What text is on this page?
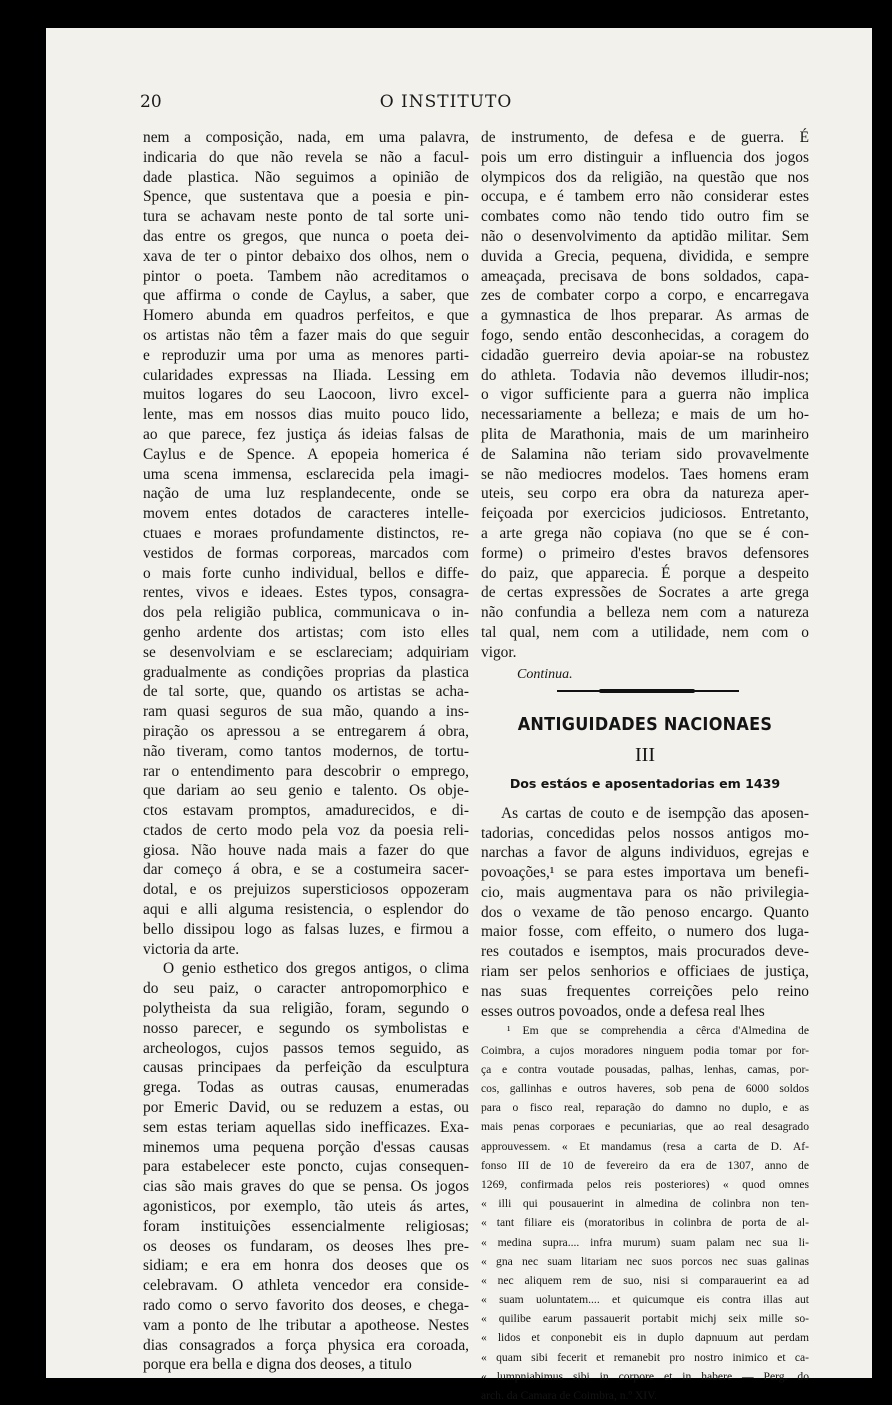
O INSTITUTO
20
nem a composição, nada, em uma palavra,
indicaria do que não revela se não a facul-
dade plastica. Não seguimos a opinião de
Spence, que sustentava que a poesia e pin-
tura se achavam neste ponto de tal sorte uni-
das entre os gregos, que nunca o poeta dei-
xava de ter o pintor debaixo dos olhos, nem o
pintor o poeta. Tambem não acreditamos o
que affirma o conde de Caylus, a saber, que
Homero abunda em quadros perfeitos, e que
os artistas não têm a fazer mais do que seguir
e reproduzir uma por uma as menores parti-
cularidades expressas na Iliada. Lessing em
muitos logares do seu Laocoon, livro excel-
lente, mas em nossos dias muito pouco lido,
ao que parece, fez justiça ás ideias falsas de
Caylus e de Spence. A epopeia homerica é
uma scena immensa, esclarecida pela imagi-
nação de uma luz resplandecente, onde se
movem entes dotados de caracteres intelle-
ctuaes e moraes profundamente distinctos, re-
vestidos de formas corporeas, marcados com
o mais forte cunho individual, bellos e diffe-
rentes, vivos e ideaes. Estes typos, consagra-
dos pela religião publica, communicava o in-
genho ardente dos artistas; com isto elles
se desenvolviam e se esclareciam; adquiriam
gradualmente as condições proprias da plastica
de tal sorte, que, quando os artistas se acha-
ram quasi seguros de sua mão, quando a ins-
piração os apressou a se entregarem á obra,
não tiveram, como tantos modernos, de tortu-
rar o entendimento para descobrir o emprego,
que dariam ao seu genio e talento. Os obje-
ctos estavam promptos, amadurecidos, e di-
ctados de certo modo pela voz da poesia reli-
giosa. Não houve nada mais a fazer do que
dar começo á obra, e se a costumeira sacer-
dotal, e os prejuizos supersticiosos oppozeram
aqui e alli alguma resistencia, o esplendor do
bello dissipou logo as falsas luzes, e firmou a
victoria da arte.
O genio esthetico dos gregos antigos, o clima
do seu paiz, o caracter antropomorphico e
polytheista da sua religião, foram, segundo o
nosso parecer, e segundo os symbolistas e
archeologos, cujos passos temos seguido, as
causas principaes da perfeição da esculptura
grega. Todas as outras causas, enumeradas
por Emeric David, ou se reduzem a estas, ou
sem estas teriam aquellas sido inefficazes. Exa-
minemos uma pequena porção d'essas causas
para estabelecer este poncto, cujas consequen-
cias são mais graves do que se pensa. Os jogos
agonisticos, por exemplo, tão uteis ás artes,
foram instituições essencialmente religiosas;
os deoses os fundaram, os deoses lhes pre-
sidiam; e era em honra dos deoses que os
celebravam. O athleta vencedor era conside-
rado como o servo favorito dos deoses, e chega-
vam a ponto de lhe tributar a apotheose. Nestes
dias consagrados a força physica era coroada,
porque era bella e digna dos deoses, a titulo
de instrumento, de defesa e de guerra. É
pois um erro distinguir a influencia dos jogos
olympicos dos da religião, na questão que nos
occupa, e é tambem erro não considerar estes
combates como não tendo tido outro fim se
não o desenvolvimento da aptidão militar. Sem
duvida a Grecia, pequena, dividida, e sempre
ameaçada, precisava de bons soldados, capa-
zes de combater corpo a corpo, e encarregava
a gymnastica de lhos preparar. As armas de
fogo, sendo então desconhecidas, a coragem do
cidadão guerreiro devia apoiar-se na robustez
do athleta. Todavia não devemos illudir-nos;
o vigor sufficiente para a guerra não implica
necessariamente a belleza; e mais de um ho-
plita de Marathonia, mais de um marinheiro
de Salamina não teriam sido provavelmente
se não mediocres modelos. Taes homens eram
uteis, seu corpo era obra da natureza aper-
feiçoada por exercicios judiciosos. Entretanto,
a arte grega não copiava (no que se é con-
forme) o primeiro d'estes bravos defensores
do paiz, que apparecia. É porque a despeito
de certas expressões de Socrates a arte grega
não confundia a belleza nem com a natureza
tal qual, nem com a utilidade, nem com o
vigor.
Continua.
ANTIGUIDADES NACIONAES
III
Dos estáos e aposentadorias em 1439
As cartas de couto e de isempção das aposen-
tadorias, concedidas pelos nossos antigos mo-
narchas a favor de alguns individuos, egrejas e
povoações,¹ se para estes importava um benefi-
cio, mais augmentava para os não privilegia-
dos o vexame de tão penoso encargo. Quanto
maior fosse, com effeito, o numero dos luga-
res coutados e isemptos, mais procurados deve-
riam ser pelos senhorios e officiaes de justiça,
nas suas frequentes correições pelo reino
esses outros povoados, onde a defesa real lhes
¹ Em que se comprehendia a cêrca d'Almedina de
Coimbra, a cujos moradores ninguem podia tomar por for-
ça e contra voutade pousadas, palhas, lenhas, camas, por-
cos, gallinhas e outros haveres, sob pena de 6000 soldos
para o fisco real, reparação do damno no duplo, e as
mais penas corporaes e pecuniarias, que ao real desagrado
approuvessem. « Et mandamus (resa a carta de D. Af-
fonso III de 10 de fevereiro da era de 1307, anno de
1269, confirmada pelos reis posteriores) « quod omnes
« illi qui pousauerint in almedina de colinbra non ten-
« tant filiare eis (moratoribus in colinbra de porta de al-
« medina supra.... infra murum) suam palam nec sua li-
« gna nec suam litariam nec suos porcos nec suas galinas
« nec aliquem rem de suo, nisi si comparauerint ea ad
« suam uoluntatem.... et quicumque eis contra illas aut
« quilibe earum passauerit portabit michj seix mille so-
« lidos et conponebit eis in duplo dapnuum aut perdam
« quam sibi fecerit et remanebit pro nostro inimico et ca-
« lumpniabimus sibi in corpore et in habere — Perg. do
arch. da Camara de Coimbra, n.º XIV.
